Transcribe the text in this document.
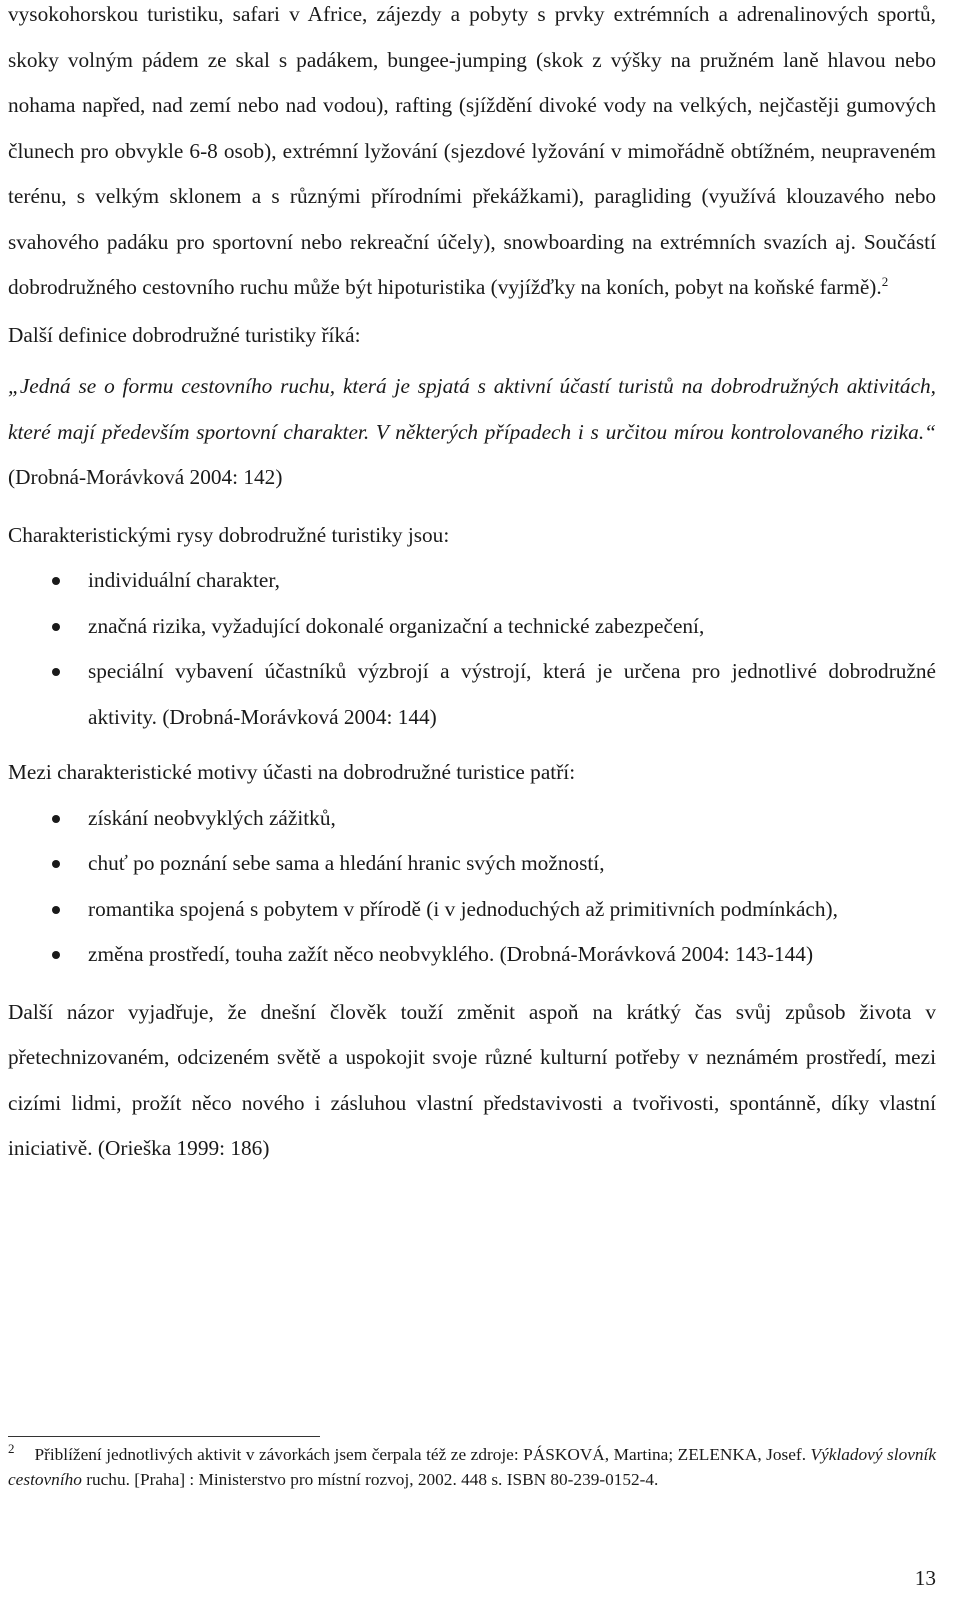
vysokohorskou turistiku, safari v Africe, zájezdy a pobyty s prvky extrémních a adrenalinových sportů, skoky volným pádem ze skal s padákem, bungee-jumping (skok z výšky na pružném laně hlavou nebo nohama napřed, nad zemí nebo nad vodou), rafting (sjíždění divoké vody na velkých, nejčastěji gumových člunech pro obvykle 6-8 osob), extrémní lyžování (sjezdové lyžování v mimořádně obtížném, neupraveném terénu, s velkým sklonem a s různými přírodními překážkami), paragliding (využívá klouzavého nebo svahového padáku pro sportovní nebo rekreační účely), snowboarding na extrémních svazích aj. Součástí dobrodružného cestovního ruchu může být hipoturistika (vyjížďky na koních, pobyt na koňské farmě).$^2$

Další definice dobrodružné turistiky říká:

„Jedná se o formu cestovního ruchu, která je spjatá s aktivní účastí turistů na dobrodružných aktivitách, které mají především sportovní charakter. V některých případech i s určitou mírou kontrolovaného rizika.“ (Drobná-Morávková 2004: 142)

Charakteristickými rysy dobrodružné turistiky jsou:

individuální charakter,
značná rizika, vyžadující dokonalé organizační a technické zabezpečení,
speciální vybavení účastníků výzbrojí a výstrojí, která je určena pro jednotlivé dobrodružné aktivity. (Drobná-Morávková 2004: 144)

Mezi charakteristické motivy účasti na dobrodružné turistice patří:

získání neobvyklých zážitků,
chuť po poznání sebe sama a hledání hranic svých možností,
romantika spojená s pobytem v přírodě (i v jednoduchých až primitivních podmínkách),
změna prostředí, touha zažít něco neobvyklého. (Drobná-Morávková 2004: 143-144)

Další názor vyjadřuje, že dnešní člověk touží změnit aspoň na krátký čas svůj způsob života v přetechnizovaném, odcizeném světě a uspokojit svoje různé kulturní potřeby v neznámém prostředí, mezi cizími lidmi, prožít něco nového i zásluhou vlastní představivosti a tvořivosti, spontánně, díky vlastní iniciativě. (Orieška 1999: 186)

$^2$ Přiblížení jednotlivých aktivit v závorkách jsem čerpala též ze zdroje: PÁSKOVÁ, Martina; ZELENKA, Josef. Výkladový slovník cestovního ruchu. [Praha] : Ministerstvo pro místní rozvoj, 2002. 448 s. ISBN 80-239-0152-4.
13
